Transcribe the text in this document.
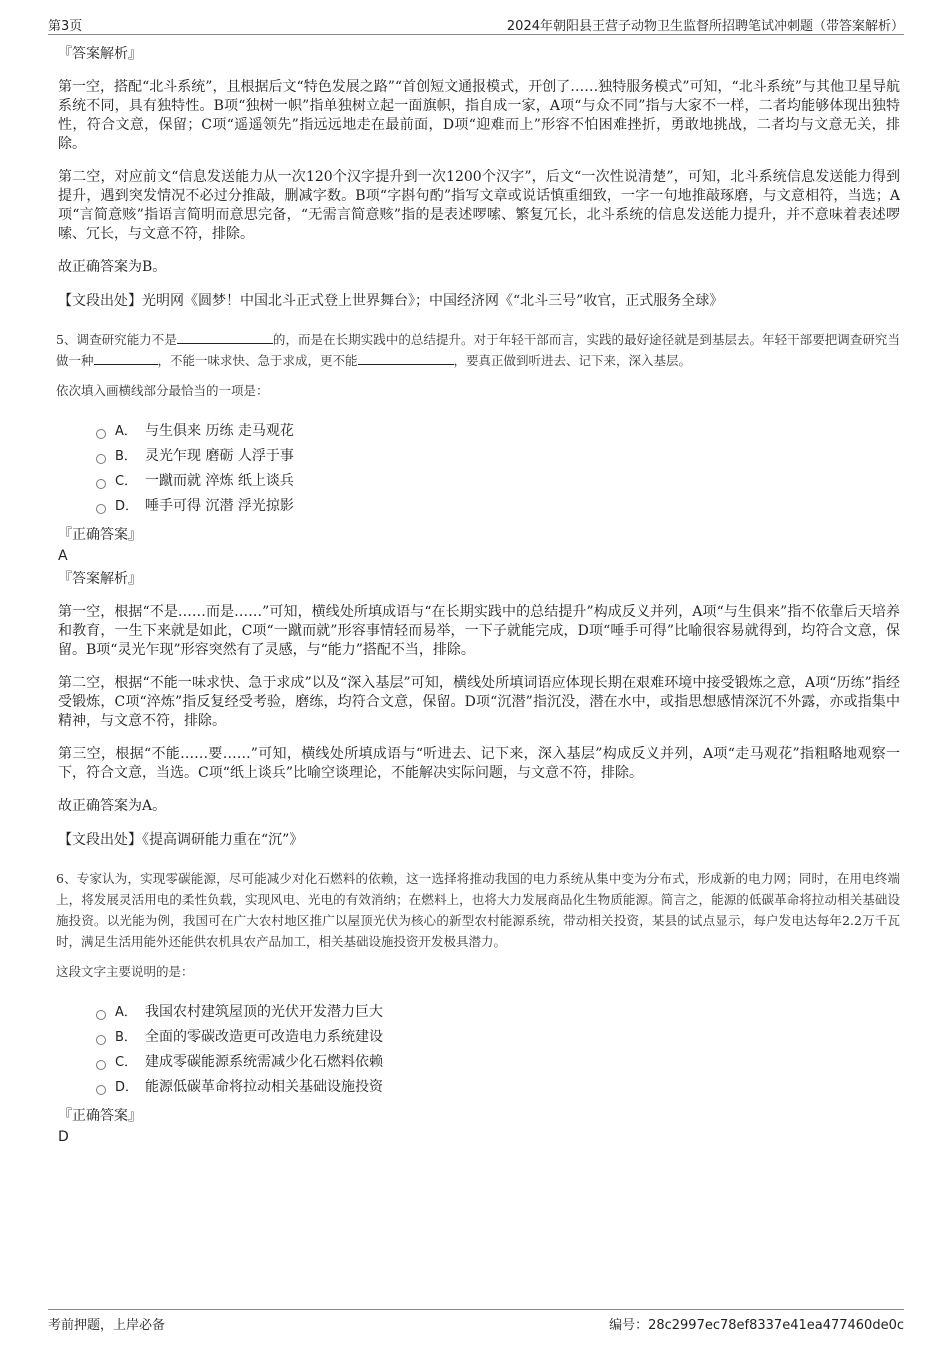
第3页	2024年朝阳县王营子动物卫生监督所招聘笔试冲刺题（带答案解析）
『答案解析』

第一空，搭配“北斗系统”，且根据后文“特色发展之路”“首创短文通报模式，开创了……独特服务模式”可知，“北斗系统”与其他卫星导航系统不同，具有独特性。B项“独树一帜”指单独树立起一面旗帜，指自成一家，A项“与众不同”指与大家不一样，二者均能够体现出独特性，符合文意，保留；C项“遥遥领先”指远远地走在最前面，D项“迎难而上”形容不怕困难挫折，勇敢地挑战，二者均与文意无关，排除。

第二空，对应前文“信息发送能力从一次120个汉字提升到一次1200个汉字”，后文“一次性说清楚”，可知，北斗系统信息发送能力得到提升，遇到突发情况不必过分推敲，删减字数。B项“字斟句酌”指写文章或说话慎重细致，一字一句地推敲琢磨，与文意相符，当选；A项“言简意赅”指语言简明而意思完备，“无需言简意赅”指的是表述啰嗦、繁复冗长，北斗系统的信息发送能力提升，并不意味着表述啰嗦、冗长，与文意不符，排除。

故正确答案为B。

【文段出处】光明网《圆梦！中国北斗正式登上世界舞台》；中国经济网《“北斗三号”收官，正式服务全球》

5、调查研究能力不是	的，而是在长期实践中的总结提升。对于年轻干部而言，实践的最好途径就是到基层去。年轻干部要把调查研究当做一种	，不能一味求快、急于求成，更不能	，要真正做到听进去、记下来，深入基层。

依次填入画横线部分最恰当的一项是：

A． 与生俱来 历练 走马观花
B． 灵光乍现 磨砺 人浮于事
C． 一蹴而就 淬炼 纸上谈兵
D． 唾手可得 沉潜 浮光掠影
『正确答案』
A
『答案解析』

第一空，根据“不是……而是……”可知，横线处所填成语与“在长期实践中的总结提升”构成反义并列，A项“与生俱来”指不依靠后天培养和教育，一生下来就是如此，C项“一蹴而就”形容事情轻而易举，一下子就能完成，D项“唾手可得”比喻很容易就得到，均符合文意，保留。B项“灵光乍现”形容突然有了灵感，与“能力”搭配不当，排除。

第二空，根据“不能一味求快、急于求成”以及“深入基层”可知，横线处所填词语应体现长期在艰难环境中接受锻炼之意，A项“历练”指经受锻炼，C项“淬炼”指反复经受考验，磨练，均符合文意，保留。D项“沉潜”指沉没，潜在水中，或指思想感情深沉不外露，亦或指集中精神，与文意不符，排除。

第三空，根据“不能……要……”可知，横线处所填成语与“听进去、记下来，深入基层”构成反义并列，A项“走马观花”指粗略地观察一下，符合文意，当选。C项“纸上谈兵”比喻空谈理论，不能解决实际问题，与文意不符，排除。

故正确答案为A。

【文段出处】《提高调研能力重在“沉”》

6、专家认为，实现零碳能源，尽可能减少对化石燃料的依赖，这一选择将推动我国的电力系统从集中变为分布式，形成新的电力网；同时，在用电终端上，将发展灵活用电的柔性负载，实现风电、光电的有效消纳；在燃料上，也将大力发展商品化生物质能源。简言之，能源的低碳革命将拉动相关基础设施投资。以光能为例，我国可在广大农村地区推广以屋顶光伏为核心的新型农村能源系统，带动相关投资，某县的试点显示，每户发电达每年2.2万千瓦时，满足生活用能外还能供农机具农产品加工，相关基础设施投资开发极具潜力。

这段文字主要说明的是：

A． 我国农村建筑屋顶的光伏开发潜力巨大
B． 全面的零碳改造更可改造电力系统建设
C． 建成零碳能源系统需减少化石燃料依赖
D． 能源低碳革命将拉动相关基础设施投资
『正确答案』
D
考前押题，上岸必备	编号：28c2997ec78ef8337e41ea477460de0c
